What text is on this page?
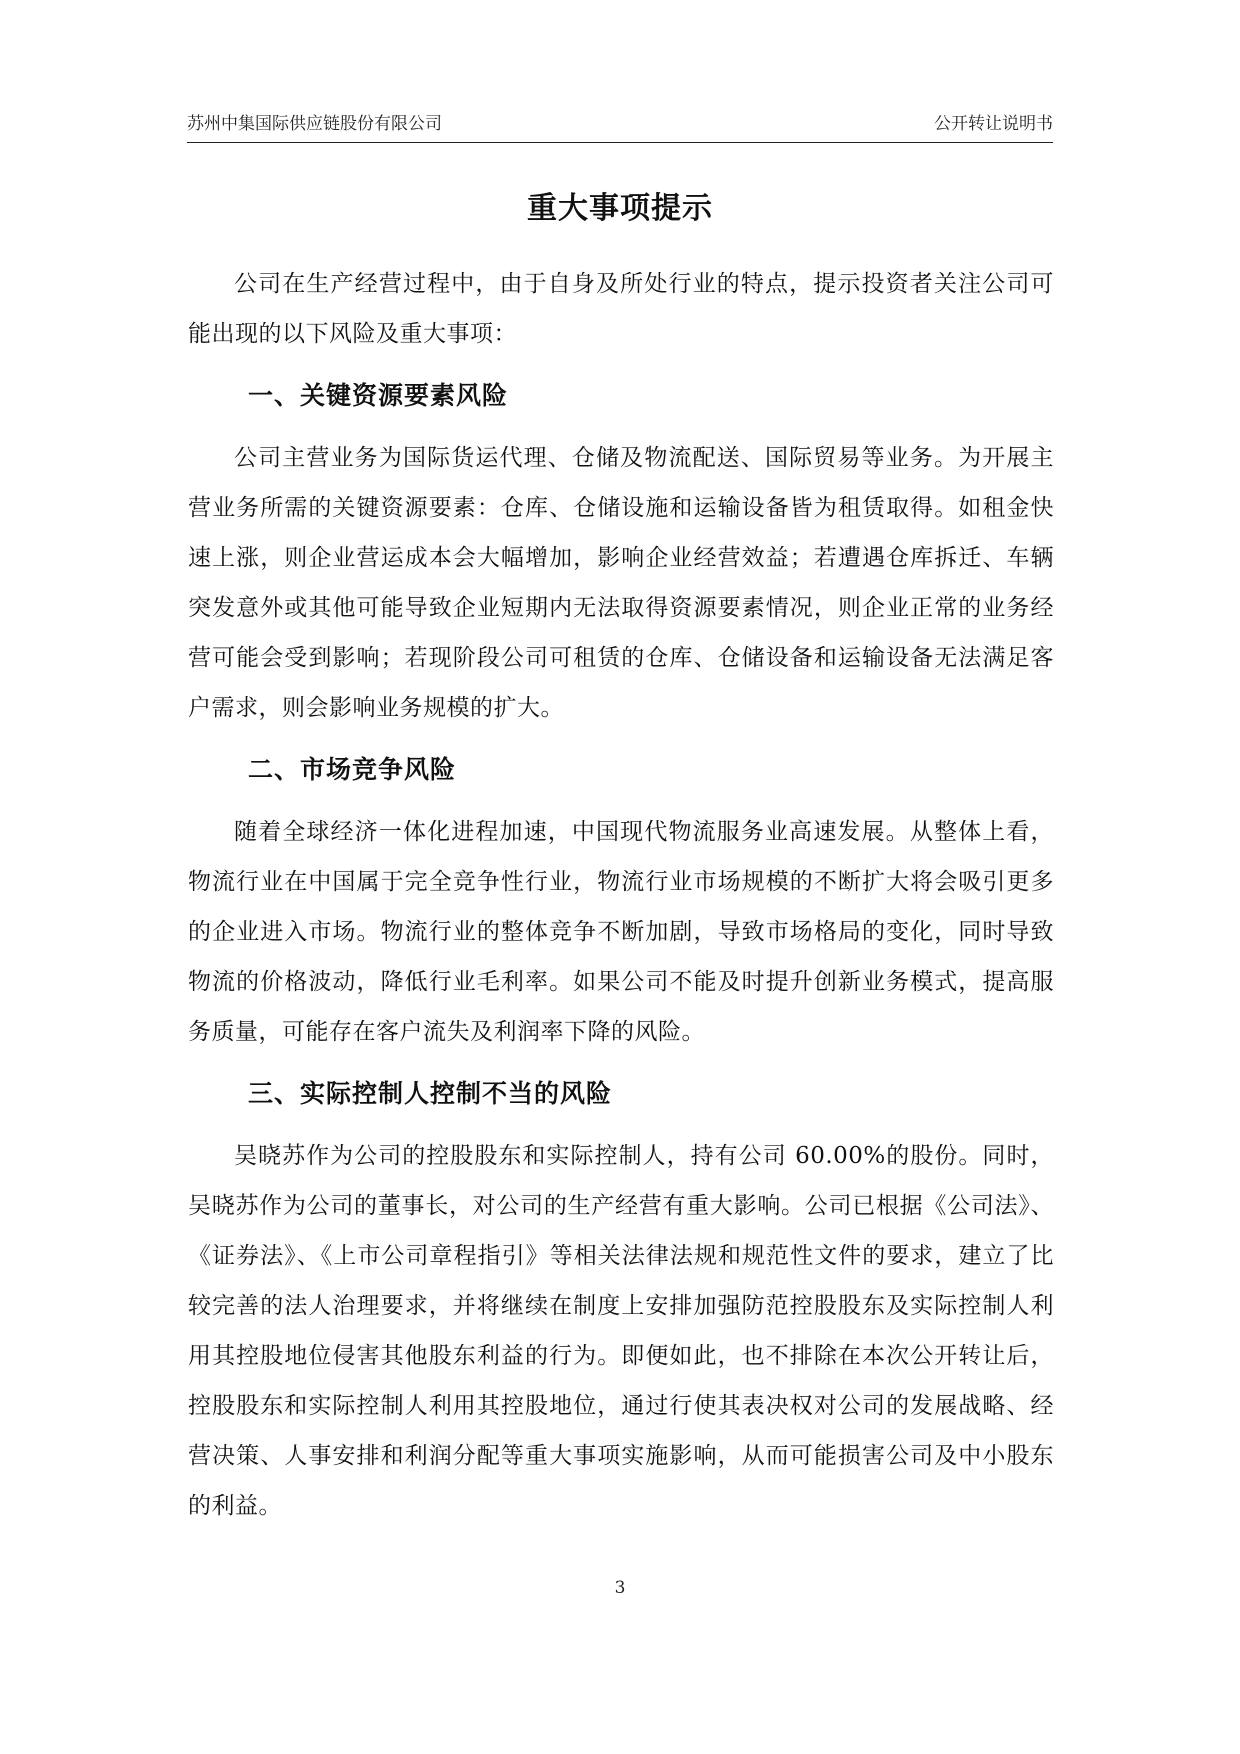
苏州中集国际供应链股份有限公司	公开转让说明书
重大事项提示

公司在生产经营过程中，由于自身及所处行业的特点，提示投资者关注公司可能出现的以下风险及重大事项：

一、关键资源要素风险

公司主营业务为国际货运代理、仓储及物流配送、国际贸易等业务。为开展主营业务所需的关键资源要素：仓库、仓储设施和运输设备皆为租赁取得。如租金快速上涨，则企业营运成本会大幅增加，影响企业经营效益；若遭遇仓库拆迁、车辆突发意外或其他可能导致企业短期内无法取得资源要素情况，则企业正常的业务经营可能会受到影响；若现阶段公司可租赁的仓库、仓储设备和运输设备无法满足客户需求，则会影响业务规模的扩大。

二、市场竞争风险

随着全球经济一体化进程加速，中国现代物流服务业高速发展。从整体上看，物流行业在中国属于完全竞争性行业，物流行业市场规模的不断扩大将会吸引更多的企业进入市场。物流行业的整体竞争不断加剧，导致市场格局的变化，同时导致物流的价格波动，降低行业毛利率。如果公司不能及时提升创新业务模式，提高服务质量，可能存在客户流失及利润率下降的风险。

三、实际控制人控制不当的风险

吴晓苏作为公司的控股股东和实际控制人，持有公司 60.00%的股份。同时，吴晓苏作为公司的董事长，对公司的生产经营有重大影响。公司已根据《公司法》、《证券法》、《上市公司章程指引》等相关法律法规和规范性文件的要求，建立了比较完善的法人治理要求，并将继续在制度上安排加强防范控股股东及实际控制人利用其控股地位侵害其他股东利益的行为。即便如此，也不排除在本次公开转让后，控股股东和实际控制人利用其控股地位，通过行使其表决权对公司的发展战略、经营决策、人事安排和利润分配等重大事项实施影响，从而可能损害公司及中小股东的利益。

3
